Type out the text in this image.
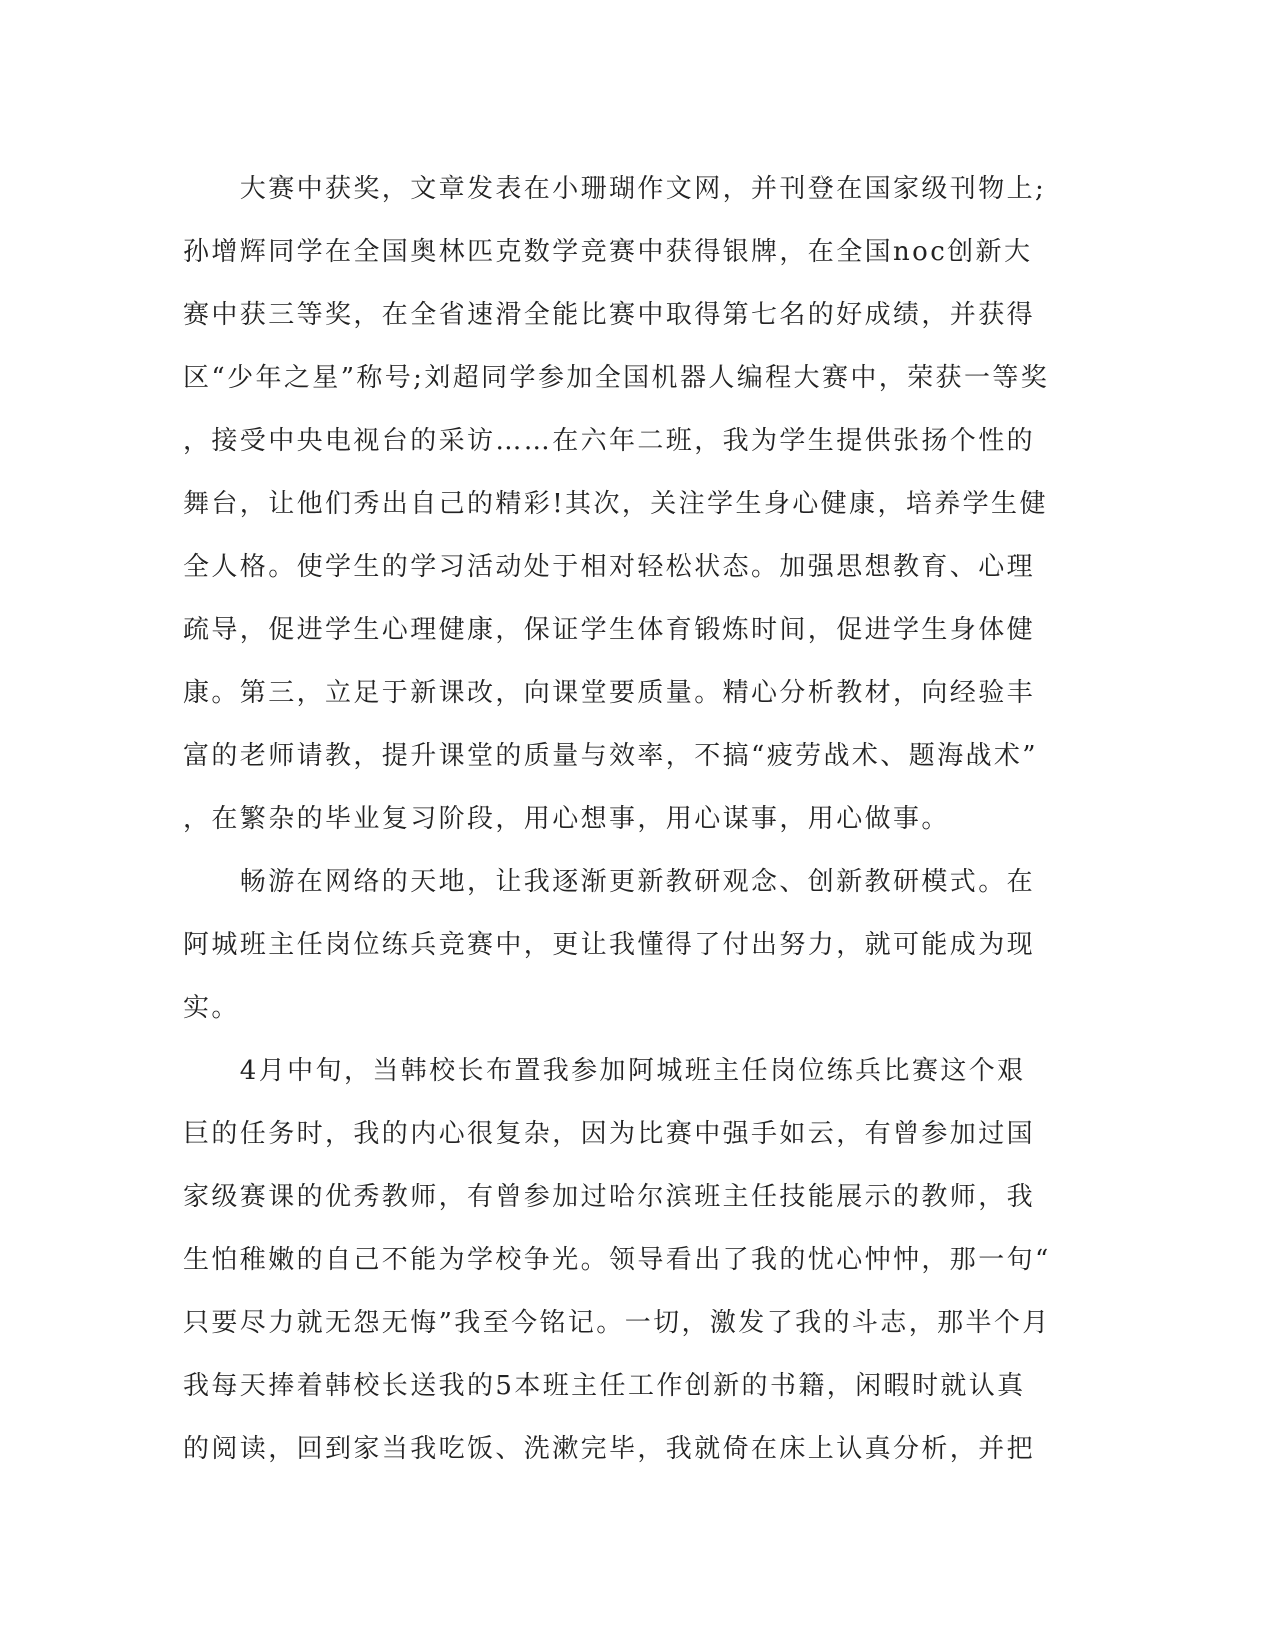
　　大赛中获奖，文章发表在小珊瑚作文网，并刊登在国家级刊物上;
孙增辉同学在全国奥林匹克数学竞赛中获得银牌，在全国noc创新大
赛中获三等奖，在全省速滑全能比赛中取得第七名的好成绩，并获得
区“少年之星”称号;刘超同学参加全国机器人编程大赛中，荣获一等奖
，接受中央电视台的采访……在六年二班，我为学生提供张扬个性的
舞台，让他们秀出自己的精彩!其次，关注学生身心健康，培养学生健
全人格。使学生的学习活动处于相对轻松状态。加强思想教育、心理
疏导，促进学生心理健康，保证学生体育锻炼时间，促进学生身体健
康。第三，立足于新课改，向课堂要质量。精心分析教材，向经验丰
富的老师请教，提升课堂的质量与效率，不搞“疲劳战术、题海战术”
，在繁杂的毕业复习阶段，用心想事，用心谋事，用心做事。
　　畅游在网络的天地，让我逐渐更新教研观念、创新教研模式。在
阿城班主任岗位练兵竞赛中，更让我懂得了付出努力，就可能成为现
实。
　　4月中旬，当韩校长布置我参加阿城班主任岗位练兵比赛这个艰
巨的任务时，我的内心很复杂，因为比赛中强手如云，有曾参加过国
家级赛课的优秀教师，有曾参加过哈尔滨班主任技能展示的教师，我
生怕稚嫩的自己不能为学校争光。领导看出了我的忧心忡忡，那一句“
只要尽力就无怨无悔”我至今铭记。一切，激发了我的斗志，那半个月
我每天捧着韩校长送我的5本班主任工作创新的书籍，闲暇时就认真
的阅读，回到家当我吃饭、洗漱完毕，我就倚在床上认真分析，并把
